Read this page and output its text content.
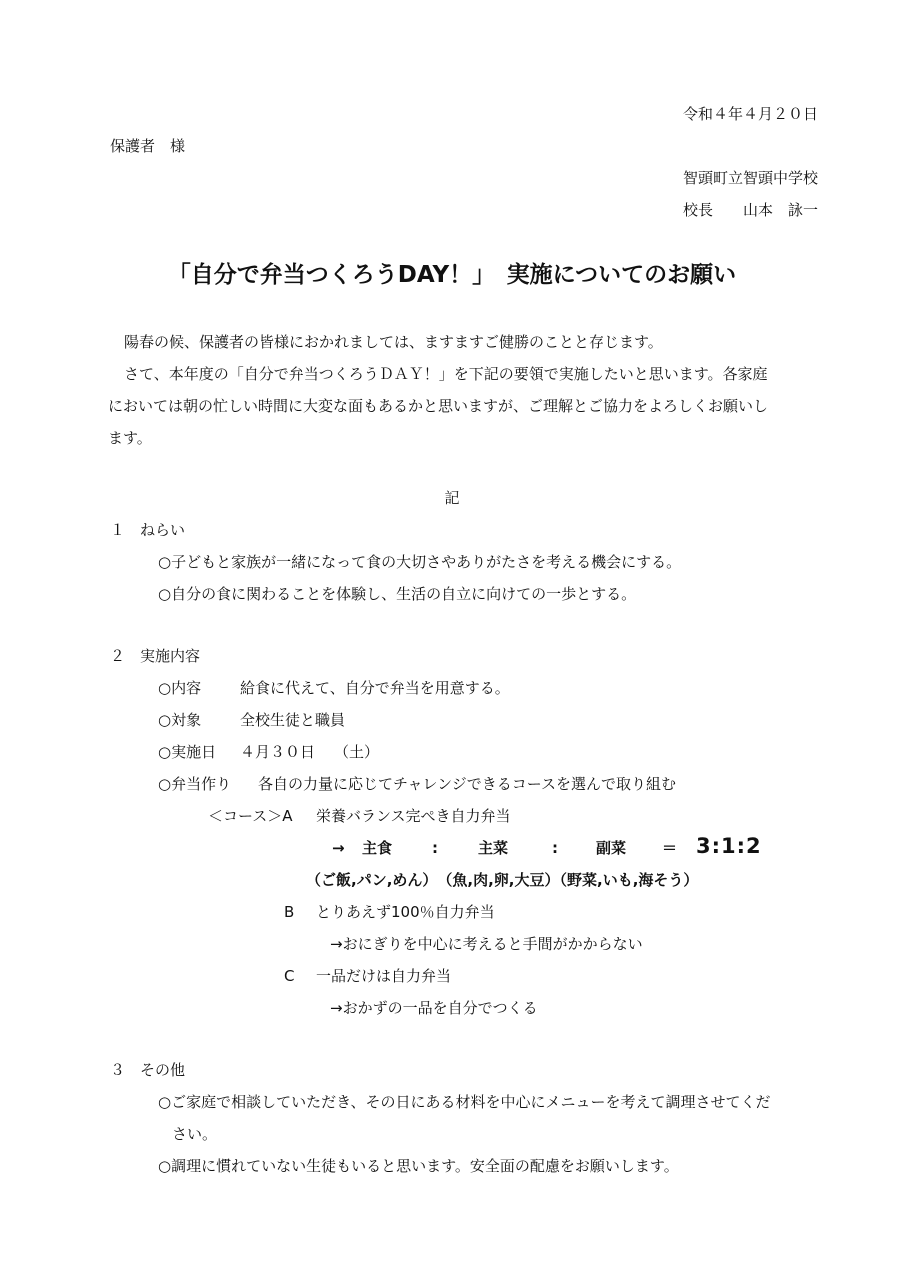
令和４年４月２０日
保護者　様
智頭町立智頭中学校
校長　　山本　詠一
「自分で弁当つくろうDAY！」　実施についてのお願い
陽春の候、保護者の皆様におかれましては、ますますご健勝のことと存じます。
さて、本年度の「自分で弁当つくろうＤＡＹ！」を下記の要領で実施したいと思います。各家庭
においては朝の忙しい時間に大変な面もあるかと思いますが、ご理解とご協力をよろしくお願いし
ます。
記
１　ねらい
○子どもと家族が一緒になって食の大切さやありがたさを考える機会にする。
○自分の食に関わることを体験し、生活の自立に向けての一歩とする。
２　実施内容
○内容	給食に代えて、自分で弁当を用意する。
○対象	全校生徒と職員
○実施日 ４月３０日 （土）
○弁当作り 各自の力量に応じてチャレンジできるコースを選んで取り組む
＜コース＞A 栄養バランス完ぺき自力弁当
→ 主食	:	主菜	:	副菜 ＝ 3:1:2
（ご飯,パン,めん）　（魚,肉,卵,大豆）（野菜,いも,海そう）
B とりあえず100％自力弁当
→おにぎりを中心に考えると手間がかからない
C 一品だけは自力弁当
→おかずの一品を自分でつくる
３　その他
○ご家庭で相談していただき、その日にある材料を中心にメニューを考えて調理させてくだ
さい。
○調理に慣れていない生徒もいると思います。安全面の配慮をお願いします。
